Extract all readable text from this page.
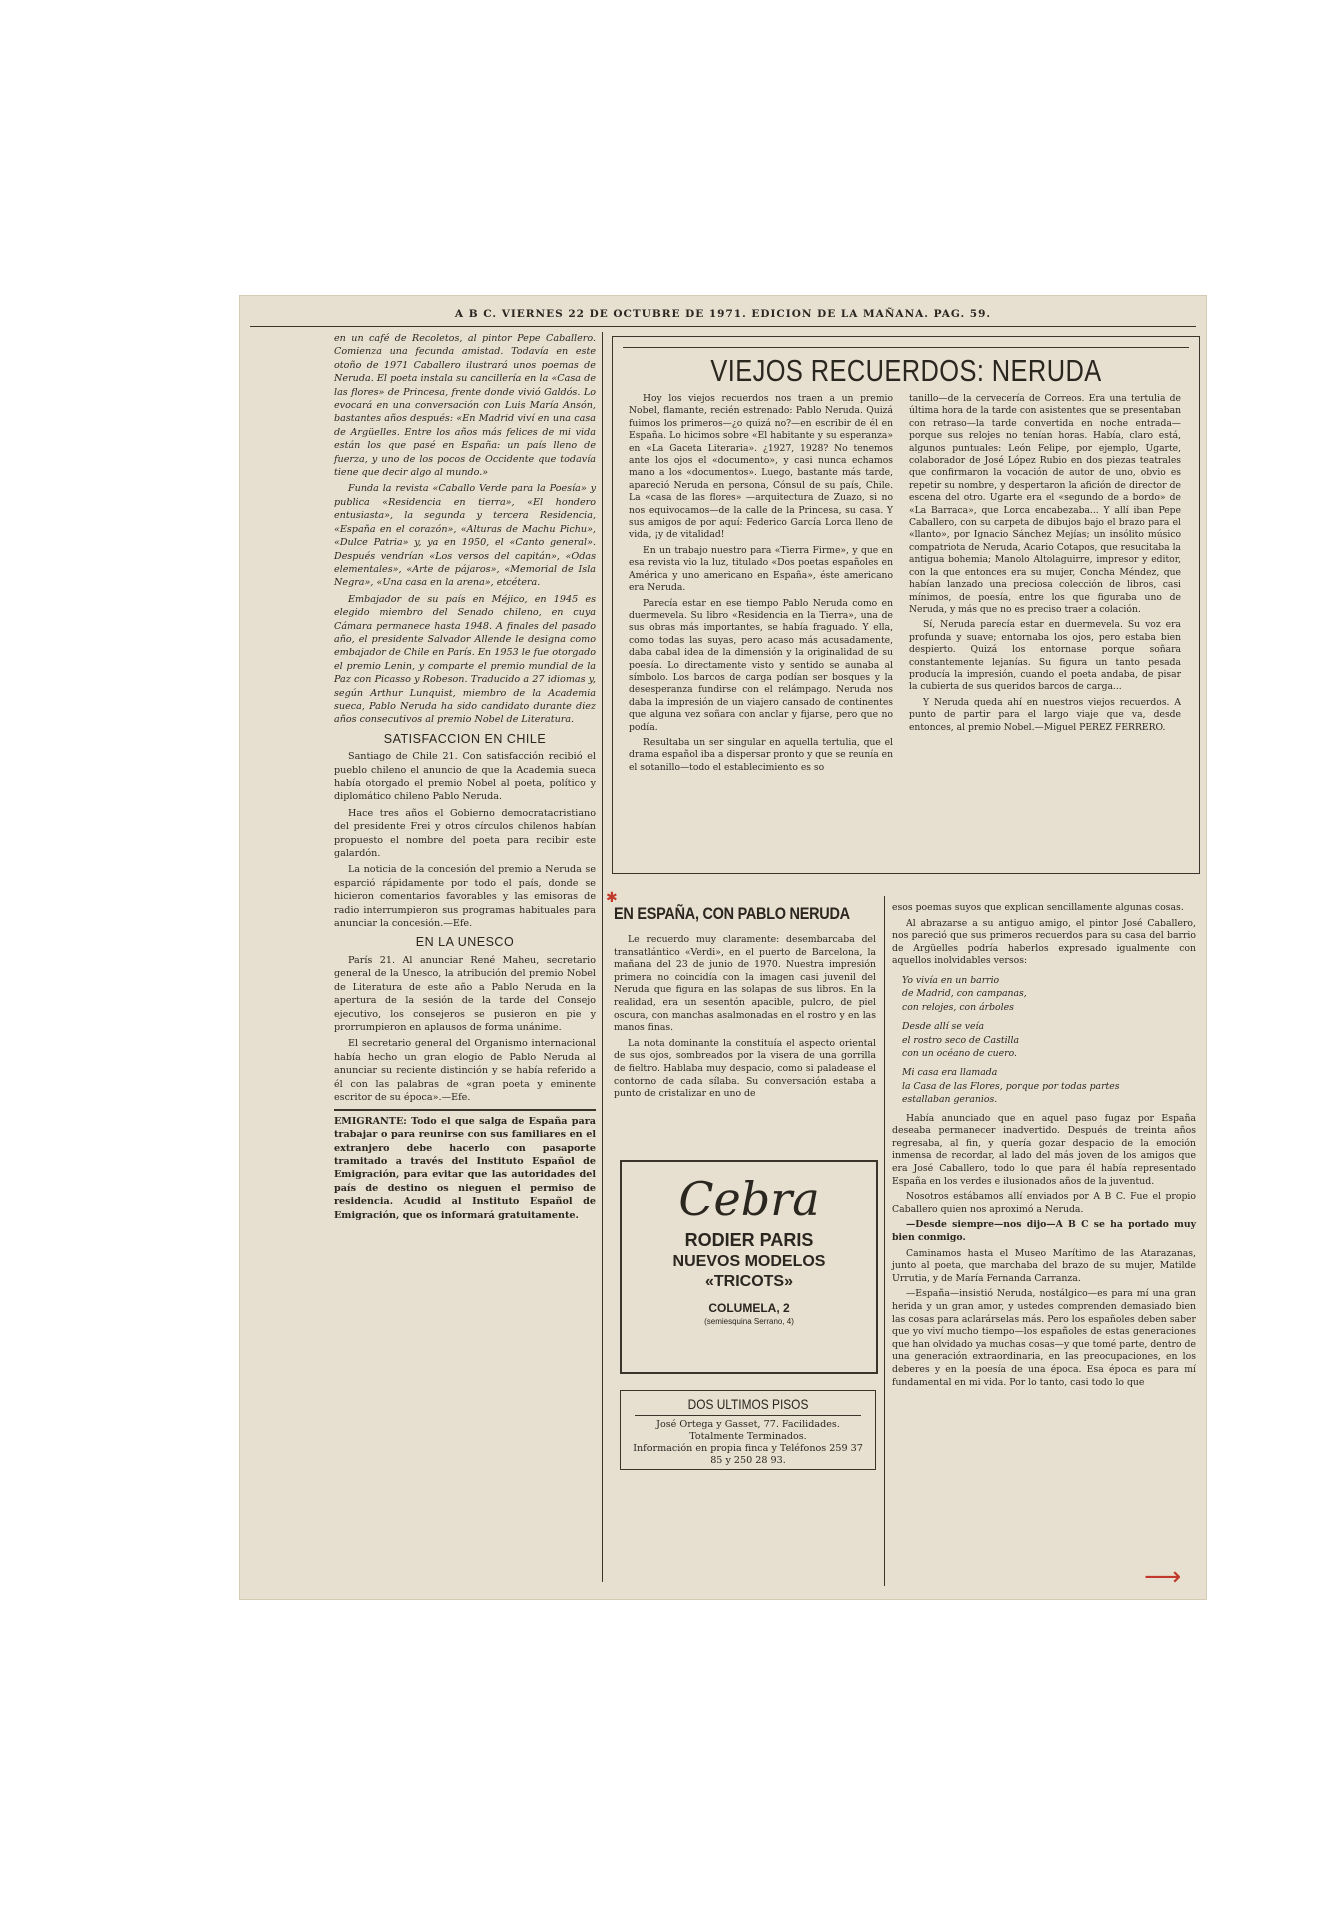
A B C. VIERNES 22 DE OCTUBRE DE 1971. EDICION DE LA MAÑANA. PAG. 59.

en un café de Recoletos, al pintor Pepe Caballero. Comienza una fecunda amistad. Todavía en este otoño de 1971 Caballero ilustrará unos poemas de Neruda. El poeta instala su cancillería en la «Casa de las flores» de Princesa, frente donde vivió Galdós. Lo evocará en una conversación con Luis María Ansón, bastantes años después: «En Madrid viví en una casa de Argüelles. Entre los años más felices de mi vida están los que pasé en España: un país lleno de fuerza, y uno de los pocos de Occidente que todavía tiene que decir algo al mundo.»

Funda la revista «Caballo Verde para la Poesía» y publica «Residencia en tierra», «El hondero entusiasta», la segunda y tercera Residencia, «España en el corazón», «Alturas de Machu Pichu», «Dulce Patria» y, ya en 1950, el «Canto general». Después vendrían «Los versos del capitán», «Odas elementales», «Arte de pájaros», «Memorial de Isla Negra», «Una casa en la arena», etcétera.

Embajador de su país en Méjico, en 1945 es elegido miembro del Senado chileno, en cuya Cámara permanece hasta 1948. A finales del pasado año, el presidente Salvador Allende le designa como embajador de Chile en París. En 1953 le fue otorgado el premio Lenin, y comparte el premio mundial de la Paz con Picasso y Robeson. Traducido a 27 idiomas y, según Arthur Lunquist, miembro de la Academia sueca, Pablo Neruda ha sido candidato durante diez años consecutivos al premio Nobel de Literatura.

SATISFACCION EN CHILE

Santiago de Chile 21. Con satisfacción recibió el pueblo chileno el anuncio de que la Academia sueca había otorgado el premio Nobel al poeta, político y diplomático chileno Pablo Neruda.

Hace tres años el Gobierno democratacristiano del presidente Frei y otros círculos chilenos habían propuesto el nombre del poeta para recibir este galardón.

La noticia de la concesión del premio a Neruda se esparció rápidamente por todo el país, donde se hicieron comentarios favorables y las emisoras de radio interrumpieron sus programas habituales para anunciar la concesión.—Efe.

EN LA UNESCO

París 21. Al anunciar René Maheu, secretario general de la Unesco, la atribución del premio Nobel de Literatura de este año a Pablo Neruda en la apertura de la sesión de la tarde del Consejo ejecutivo, los consejeros se pusieron en pie y prorrumpieron en aplausos de forma unánime.

El secretario general del Organismo internacional había hecho un gran elogio de Pablo Neruda al anunciar su reciente distinción y se había referido a él con las palabras de «gran poeta y eminente escritor de su época».—Efe.

EMIGRANTE: Todo el que salga de España para trabajar o para reunirse con sus familiares en el extranjero debe hacerlo con pasaporte tramitado a través del Instituto Español de Emigración, para evitar que las autoridades del país de destino os nieguen el permiso de residencia. Acudid al Instituto Español de Emigración, que os informará gratuitamente.

VIEJOS RECUERDOS: NERUDA

Hoy los viejos recuerdos nos traen a un premio Nobel, flamante, recién estrenado: Pablo Neruda. Quizá fuimos los primeros—¿o quizá no?—en escribir de él en España. Lo hicimos sobre «El habitante y su esperanza» en «La Gaceta Literaria». ¿1927, 1928? No tenemos ante los ojos el «documento», y casi nunca echamos mano a los «documentos». Luego, bastante más tarde, apareció Neruda en persona, Cónsul de su país, Chile. La «casa de las flores» —arquitectura de Zuazo, si no nos equivocamos—de la calle de la Princesa, su casa. Y sus amigos de por aquí: Federico García Lorca lleno de vida, ¡y de vitalidad!

En un trabajo nuestro para «Tierra Firme», y que en esa revista vio la luz, titulado «Dos poetas españoles en América y uno americano en España», éste americano era Neruda.

Parecía estar en ese tiempo Pablo Neruda como en duermevela. Su libro «Residencia en la Tierra», una de sus obras más importantes, se había fraguado. Y ella, como todas las suyas, pero acaso más acusadamente, daba cabal idea de la dimensión y la originalidad de su poesía. Lo directamente visto y sentido se aunaba al símbolo. Los barcos de carga podían ser bosques y la desesperanza fundirse con el relámpago. Neruda nos daba la impresión de un viajero cansado de continentes que alguna vez soñara con anclar y fijarse, pero que no podía.

Resultaba un ser singular en aquella tertulia, que el drama español iba a dispersar pronto y que se reunía en el sotanillo—todo el establecimiento es so

tanillo—de la cervecería de Correos. Era una tertulia de última hora de la tarde con asistentes que se presentaban con retraso—la tarde convertida en noche entrada—porque sus relojes no tenían horas. Había, claro está, algunos puntuales: León Felipe, por ejemplo, Ugarte, colaborador de José López Rubio en dos piezas teatrales que confirmaron la vocación de autor de uno, obvio es repetir su nombre, y despertaron la afición de director de escena del otro. Ugarte era el «segundo de a bordo» de «La Barraca», que Lorca encabezaba... Y allí iban Pepe Caballero, con su carpeta de dibujos bajo el brazo para el «llanto», por Ignacio Sánchez Mejías; un insólito músico compatriota de Neruda, Acario Cotapos, que resucitaba la antigua bohemia; Manolo Altolaguirre, impresor y editor, con la que entonces era su mujer, Concha Méndez, que habían lanzado una preciosa colección de libros, casi mínimos, de poesía, entre los que figuraba uno de Neruda, y más que no es preciso traer a colación.

Sí, Neruda parecía estar en duermevela. Su voz era profunda y suave; entornaba los ojos, pero estaba bien despierto. Quizá los entornase porque soñara constantemente lejanías. Su figura un tanto pesada producía la impresión, cuando el poeta andaba, de pisar la cubierta de sus queridos barcos de carga...

Y Neruda queda ahí en nuestros viejos recuerdos. A punto de partir para el largo viaje que va, desde entonces, al premio Nobel.—Miguel PEREZ FERRERO.

✱
⟶
EN ESPAÑA, CON PABLO NERUDA

Le recuerdo muy claramente: desembarcaba del transatlántico «Verdi», en el puerto de Barcelona, la mañana del 23 de junio de 1970. Nuestra impresión primera no coincidía con la imagen casi juvenil del Neruda que figura en las solapas de sus libros. En la realidad, era un sesentón apacible, pulcro, de piel oscura, con manchas asalmonadas en el rostro y en las manos finas.

La nota dominante la constituía el aspecto oriental de sus ojos, sombreados por la visera de una gorrilla de fieltro. Hablaba muy despacio, como si paladease el contorno de cada sílaba. Su conversación estaba a punto de cristalizar en uno de

esos poemas suyos que explican sencillamente algunas cosas.

Al abrazarse a su antiguo amigo, el pintor José Caballero, nos pareció que sus primeros recuerdos para su casa del barrio de Argüelles podría haberlos expresado igualmente con aquellos inolvidables versos:

Yo vivía en un barrio
de Madrid, con campanas,
con relojes, con árboles
Desde allí se veía
el rostro seco de Castilla
con un océano de cuero.
Mi casa era llamada
la Casa de las Flores, porque por todas partes
estallaban geranios.

Había anunciado que en aquel paso fugaz por España deseaba permanecer inadvertido. Después de treinta años regresaba, al fin, y quería gozar despacio de la emoción inmensa de recordar, al lado del más joven de los amigos que era José Caballero, todo lo que para él había representado España en los verdes e ilusionados años de la juventud.

Nosotros estábamos allí enviados por A B C. Fue el propio Caballero quien nos aproximó a Neruda.

—Desde siempre—nos dijo—A B C se ha portado muy bien conmigo.

Caminamos hasta el Museo Marítimo de las Atarazanas, junto al poeta, que marchaba del brazo de su mujer, Matilde Urrutia, y de María Fernanda Carranza.

—España—insistió Neruda, nostálgico—es para mí una gran herida y un gran amor, y ustedes comprenden demasiado bien las cosas para aclarárselas más. Pero los españoles deben saber que yo viví mucho tiempo—los españoles de estas generaciones que han olvidado ya muchas cosas—y que tomé parte, dentro de una generación extraordinaria, en las preocupaciones, en los deberes y en la poesía de una época. Esa época es para mí fundamental en mi vida. Por lo tanto, casi todo lo que

Cebra
RODIER PARIS
NUEVOS MODELOS
«TRICOTS»
COLUMELA, 2
(semiesquina Serrano, 4)
DOS ULTIMOS PISOS
José Ortega y Gasset, 77. Facilidades.
Totalmente Terminados.
Información en propia finca y Teléfonos 259 37 85 y 250 28 93.
